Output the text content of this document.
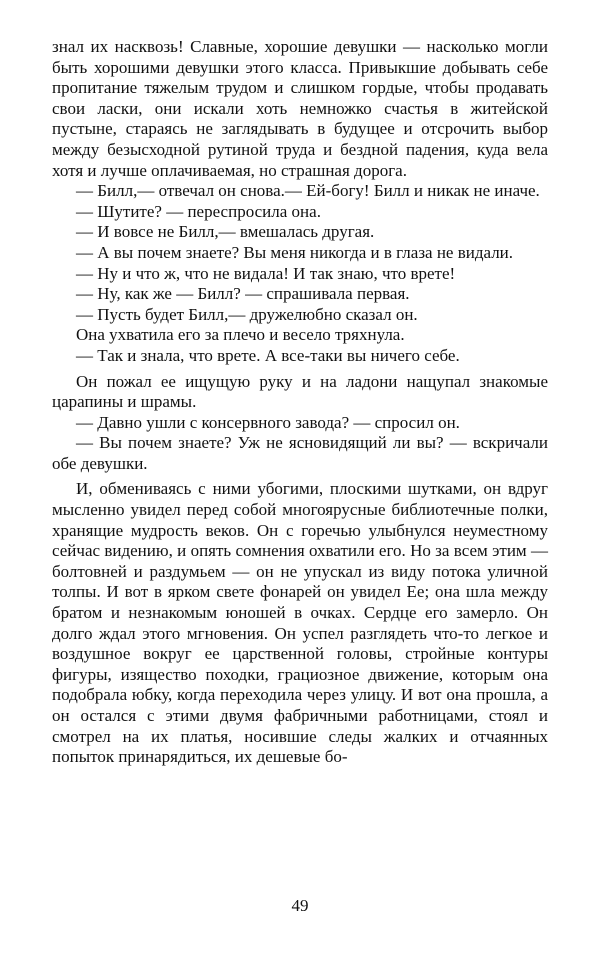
знал их насквозь! Славные, хорошие девушки — насколько могли быть хорошими девушки этого класса. Привыкшие добывать себе пропитание тяжелым трудом и слишком гордые, чтобы продавать свои ласки, они искали хоть немножко счастья в житейской пустыне, стараясь не заглядывать в будущее и отсрочить выбор между безысходной рутиной труда и бездной падения, куда вела хотя и лучше оплачиваемая, но страшная дорога.

— Билл,— отвечал он снова.— Ей-богу! Билл и никак не иначе.

— Шутите? — переспросила она.

— И вовсе не Билл,— вмешалась другая.

— А вы почем знаете? Вы меня никогда и в глаза не видали.

— Ну и что ж, что не видала! И так знаю, что врете!

— Ну, как же — Билл? — спрашивала первая.

— Пусть будет Билл,— дружелюбно сказал он.

Она ухватила его за плечо и весело тряхнула.

— Так и знала, что врете. А все-таки вы ничего себе.

Он пожал ее ищущую руку и на ладони нащупал знакомые царапины и шрамы.

— Давно ушли с консервного завода? — спросил он.

— Вы почем знаете? Уж не ясновидящий ли вы? — вскричали обе девушки.

И, обмениваясь с ними убогими, плоскими шутками, он вдруг мысленно увидел перед собой многоярусные библиотечные полки, хранящие мудрость веков. Он с горечью улыбнулся неуместному сейчас видению, и опять сомнения охватили его. Но за всем этим — болтовней и раздумьем — он не упускал из виду потока уличной толпы. И вот в ярком свете фонарей он увидел Ее; она шла между братом и незнакомым юношей в очках. Сердце его замерло. Он долго ждал этого мгновения. Он успел разглядеть что-то легкое и воздушное вокруг ее царственной головы, стройные контуры фигуры, изящество походки, грациозное движение, которым она подобрала юбку, когда переходила через улицу. И вот она прошла, а он остался с этими двумя фабричными работницами, стоял и смотрел на их платья, носившие следы жалких и отчаянных попыток принарядиться, их дешевые бо-

49
